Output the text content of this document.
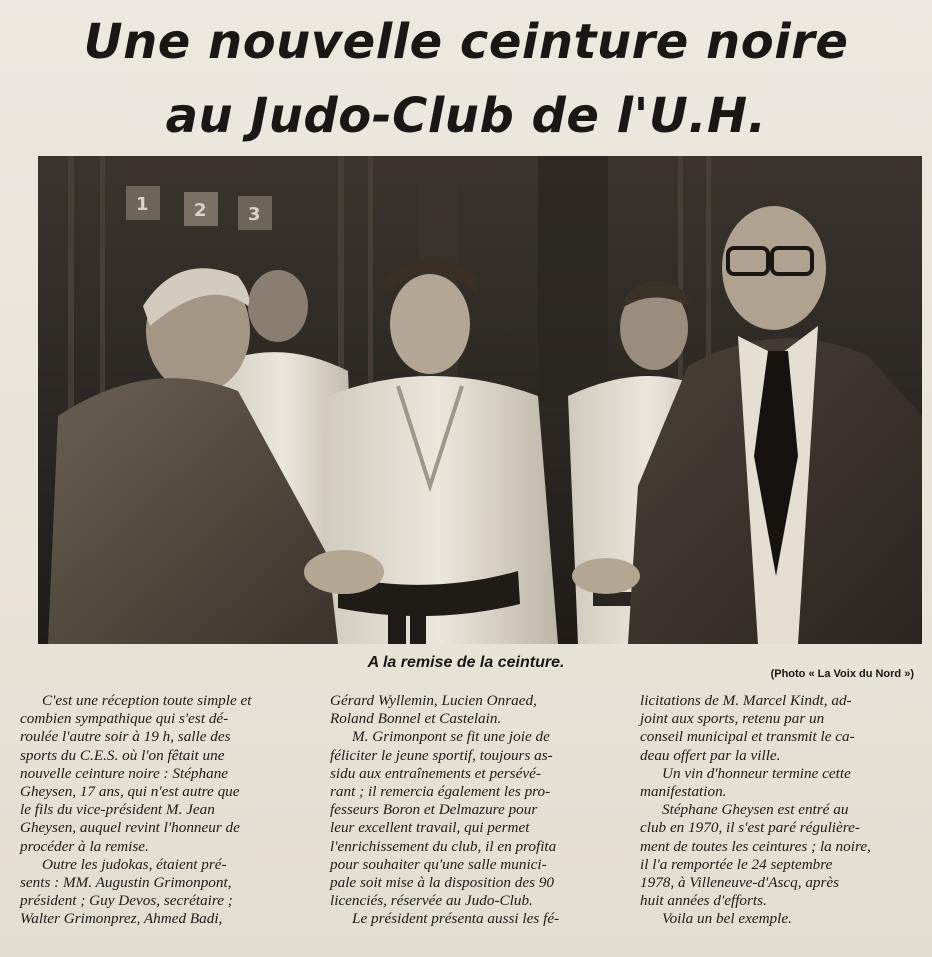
Une nouvelle ceinture noire
au Judo-Club de l'U.H.
1	2 3
A la remise de la ceinture.
(Photo « La Voix du Nord »)
C'est une réception toute simple et
combien sympathique qui s'est dé-
roulée l'autre soir à 19 h, salle des
sports du C.E.S. où l'on fêtait une
nouvelle ceinture noire : Stéphane
Gheysen, 17 ans, qui n'est autre que
le fils du vice-président M. Jean
Gheysen, auquel revint l'honneur de
procéder à la remise.
Outre les judokas, étaient pré-
sents : MM. Augustin Grimonpont,
président ; Guy Devos, secrétaire ;
Walter Grimonprez, Ahmed Badi,
Gérard Wyllemin, Lucien Onraed,
Roland Bonnel et Castelain.
M. Grimonpont se fit une joie de
féliciter le jeune sportif, toujours as-
sidu aux entraînements et persévé-
rant ; il remercia également les pro-
fesseurs Boron et Delmazure pour
leur excellent travail, qui permet
l'enrichissement du club, il en profita
pour souhaiter qu'une salle munici-
pale soit mise à la disposition des 90
licenciés, réservée au Judo-Club.
Le président présenta aussi les fé-
licitations de M. Marcel Kindt, ad-
joint aux sports, retenu par un
conseil municipal et transmit le ca-
deau offert par la ville.
Un vin d'honneur termine cette
manifestation.
Stéphane Gheysen est entré au
club en 1970, il s'est paré régulière-
ment de toutes les ceintures ; la noire,
il l'a remportée le 24 septembre
1978, à Villeneuve-d'Ascq, après
huit années d'efforts.
Voila un bel exemple.
